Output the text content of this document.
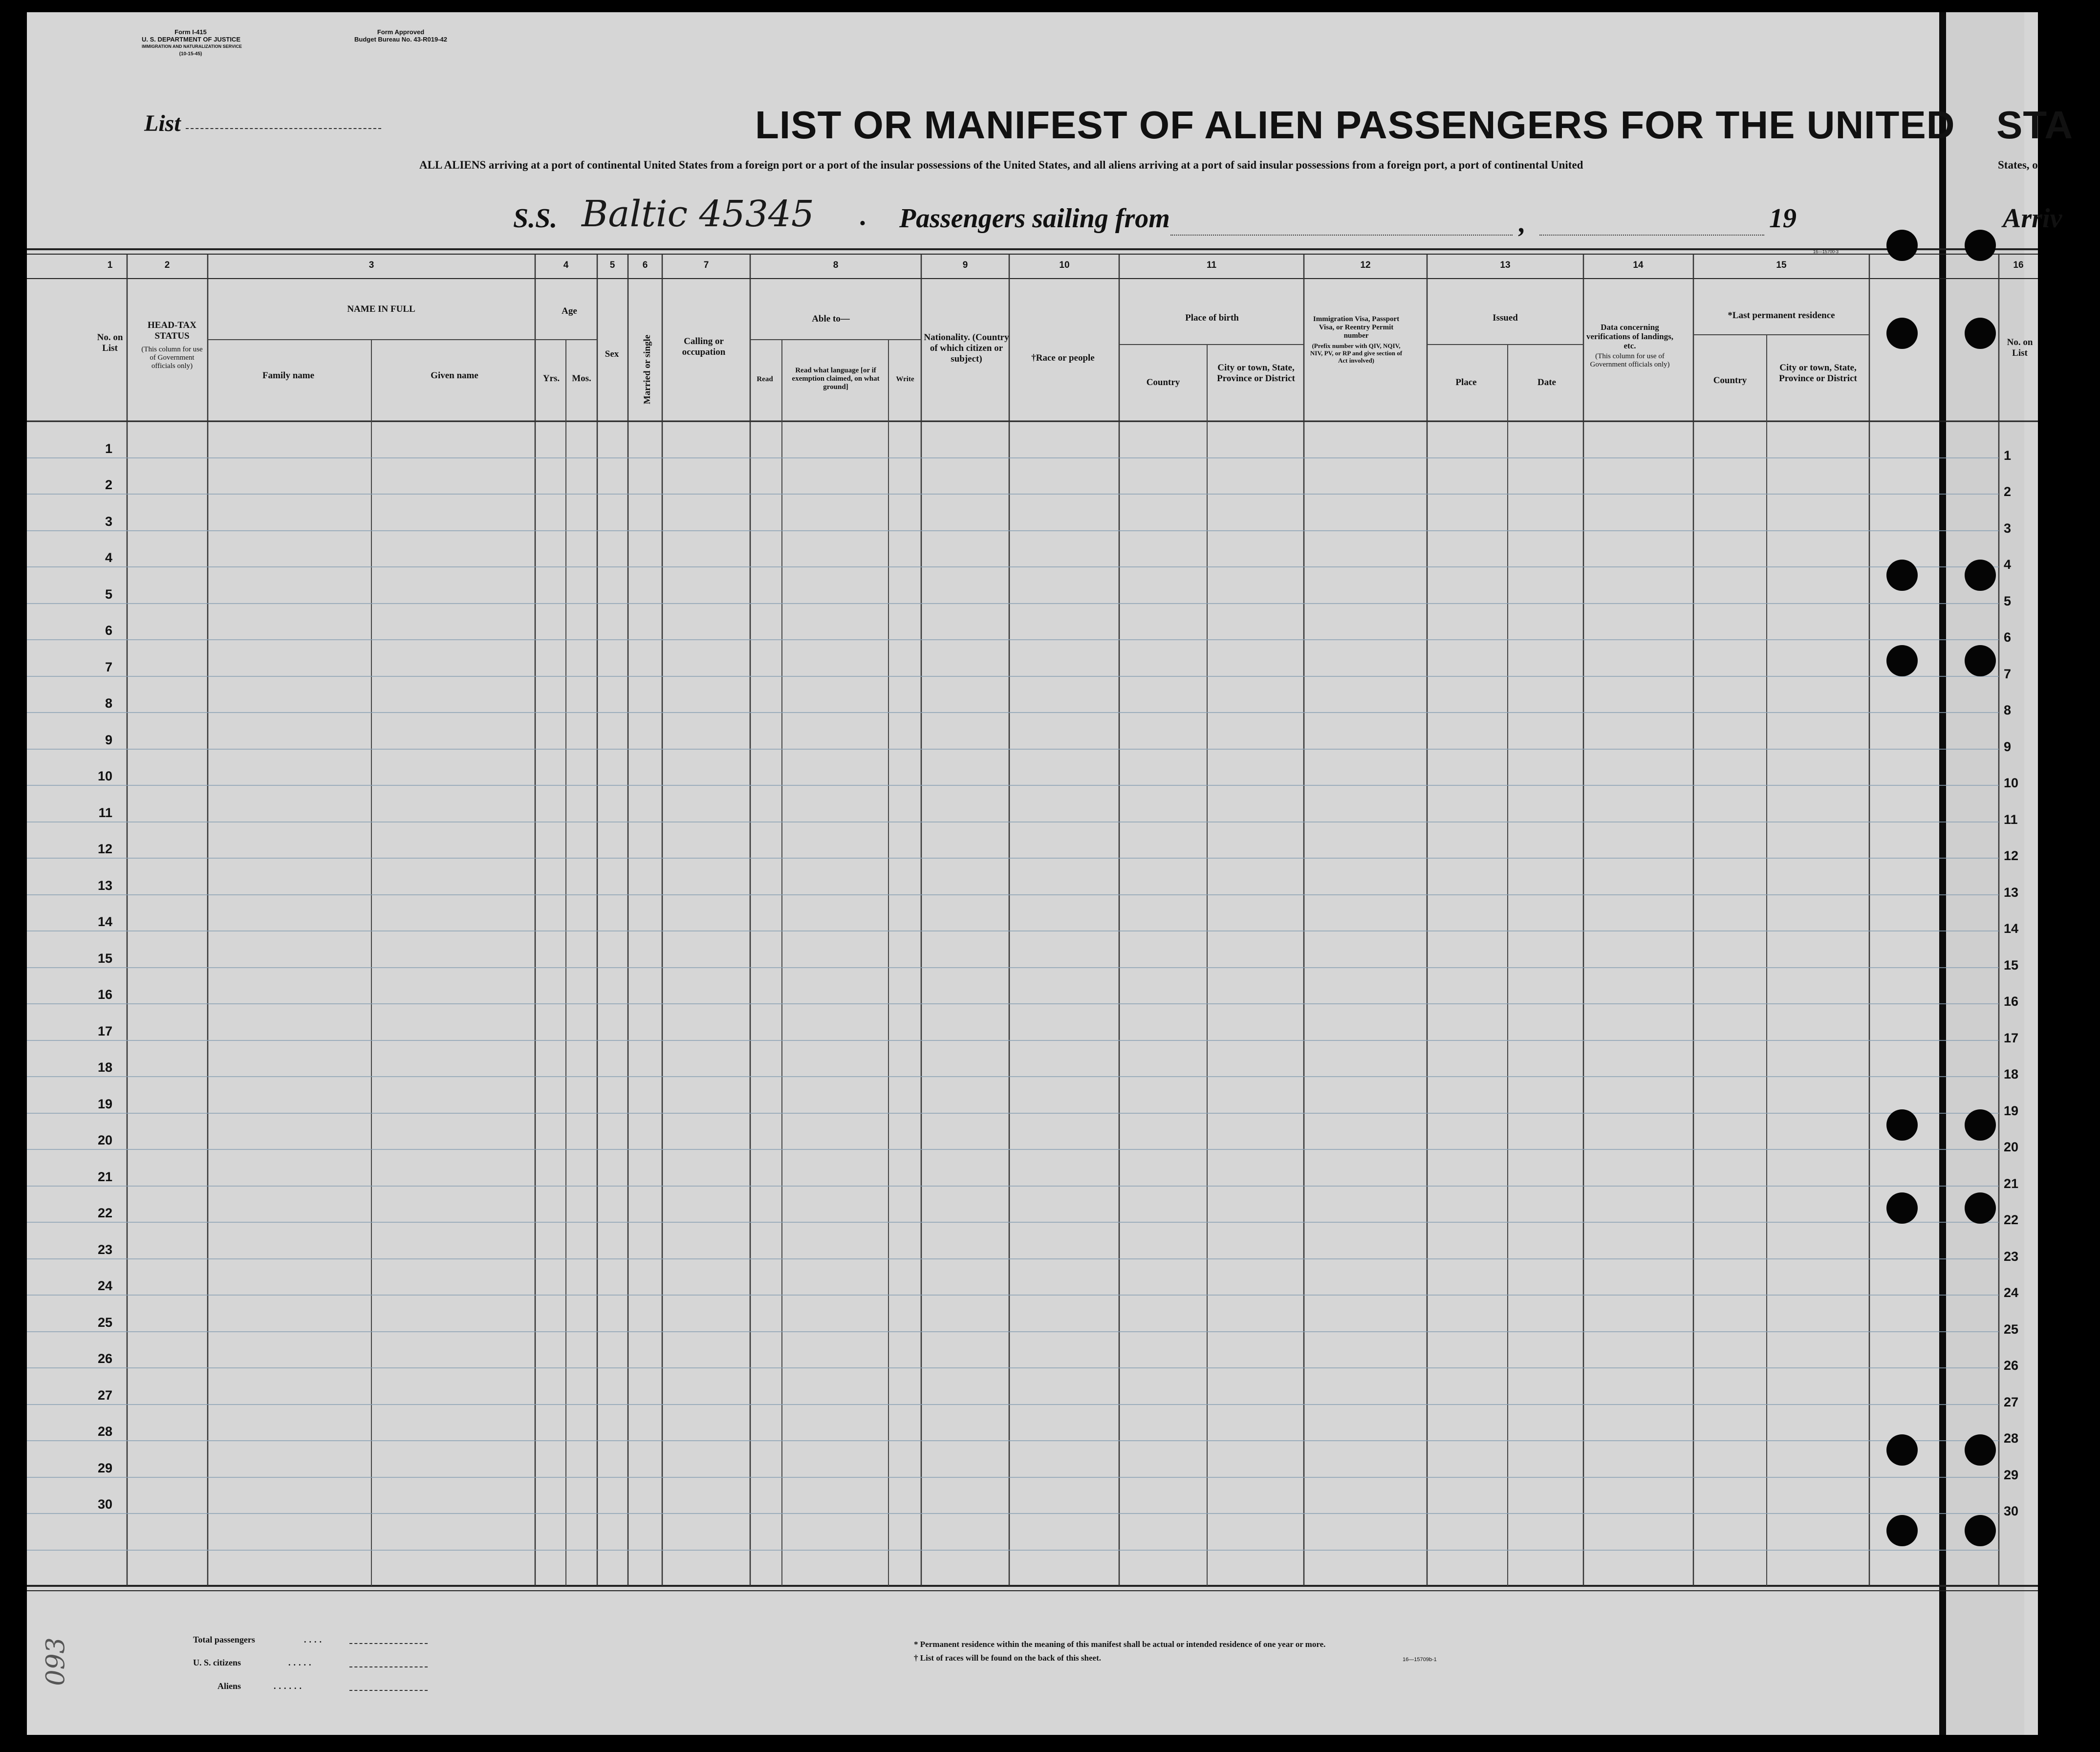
Form I-415
U. S. DEPARTMENT OF JUSTICE
IMMIGRATION AND NATURALIZATION SERVICE
(10-15-45)
Form Approved
Budget Bureau No. 43-R019-42
List	LIST OR MANIFEST OF ALIEN PASSENGERS FOR THE UNITED STA
ALL ALIENS arriving at a port of continental United States from a foreign port or a port of the insular possessions of the United States, and all aliens arriving at a port of said insular possessions from a foreign port, a port of continental United	States, o
S.S. Baltic 45345 . Passengers sailing from	,	19	Arriv
16—15700-3
1	2	3	4	5	6	7	8	9	10	11	12	13	14	15	16
No. on List
HEAD-TAX STATUS
(This column for use of Government officials only)
NAME IN FULL
Family name	Given name
Age
Yrs.	Mos.
Sex	Married or single	Calling or occupation
Able to—
Read
Read what language [or if exemption claimed, on what ground]
Write
Nationality. (Country of which citizen or subject)	†Race or people
Place of birth
Country
City or town, State, Province or District
Immigration Visa, Passport Visa, or Reentry Permit number
(Prefix number with QIV, NQIV, NIV, PV, or RP and give section of Act involved)
Issued
Place	Date
Data concerning verifications of landings, etc.
(This column for use of Government officials only)
*Last permanent residence
Country
City or town, State, Province or District
No. on List
1
2
3
4
5
6
7
8
9
10
11
12
13
14
15
16
17
18
19
20
21
22
23
24
25
26
27
28
29
30
1
2
3
4
5
6
7
8
9
10
11
12
13
14
15
16
17
18
19
20
21
22
23
24
25
26
27
28
29
30
Total passengers	....
U. S. citizens	.....
Aliens	......
* Permanent residence within the meaning of this manifest shall be actual or intended residence of one year or more.
† List of races will be found on the back of this sheet.	16—15709b-1
093
